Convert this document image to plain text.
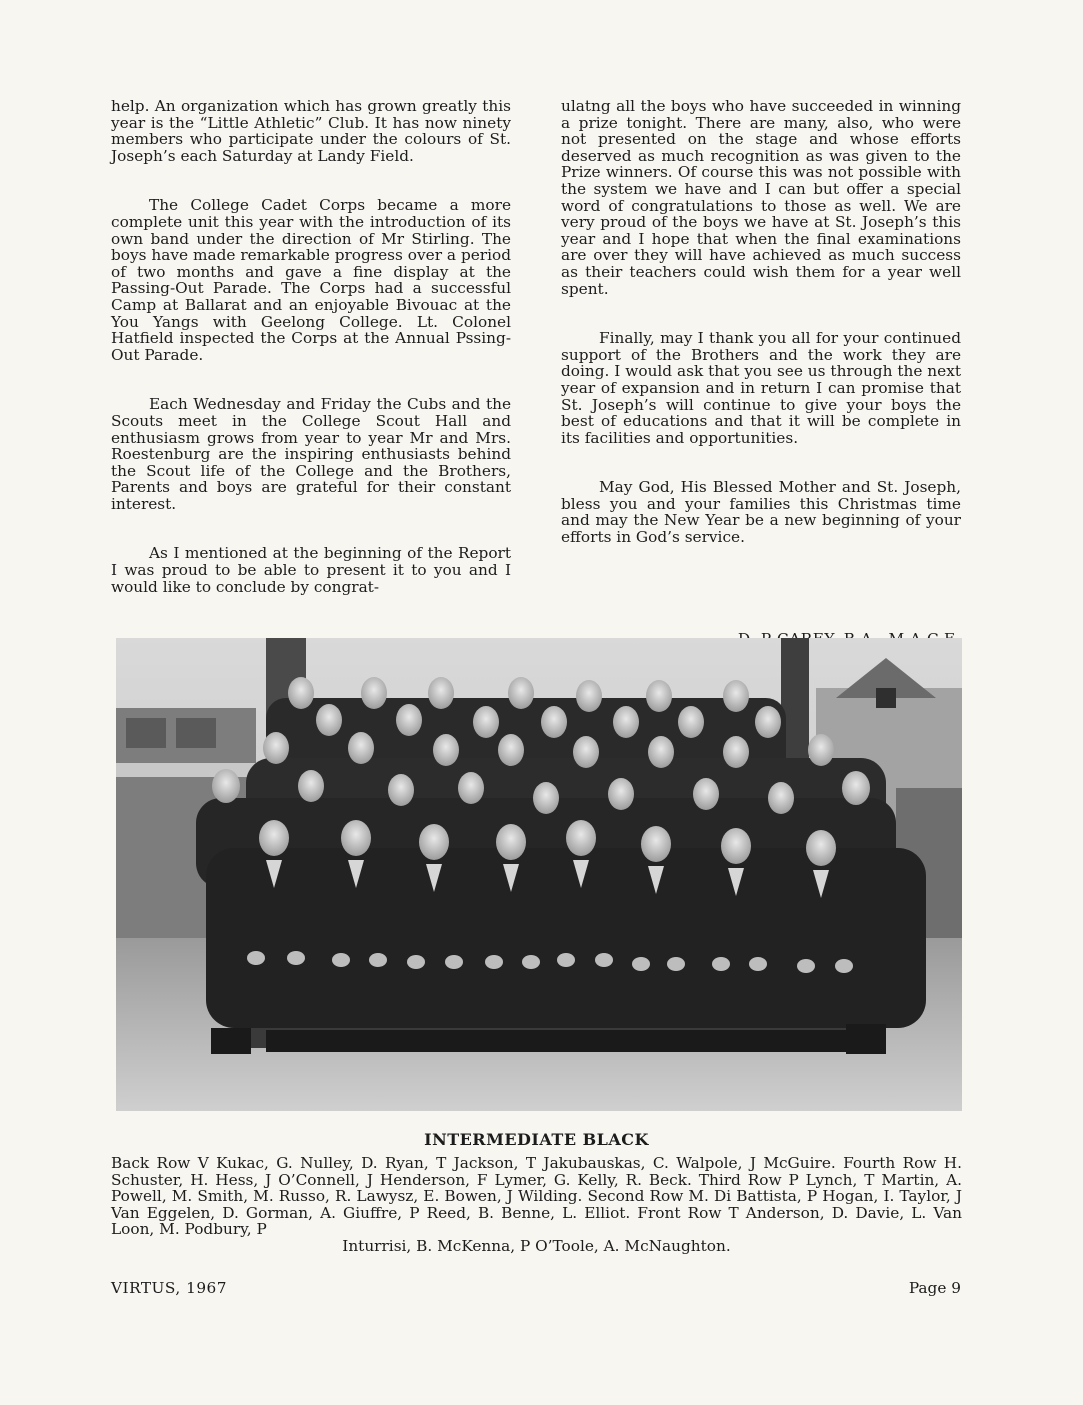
help. An organization which has grown greatly this year is the “Little Athletic” Club. It has now ninety members who participate under the colours of St. Joseph’s each Saturday at Landy Field.

The College Cadet Corps became a more complete unit this year with the introduction of its own band under the direction of Mr Stirling. The boys have made remarkable progress over a period of two months and gave a fine display at the Passing-Out Parade. The Corps had a successful Camp at Ballarat and an enjoyable Bivouac at the You Yangs with Geelong College. Lt. Colonel Hatfield inspected the Corps at the Annual Pssing-Out Parade.

Each Wednesday and Friday the Cubs and the Scouts meet in the College Scout Hall and enthusiasm grows from year to year Mr and Mrs. Roestenburg are the inspiring enthusiasts behind the Scout life of the College and the Brothers, Parents and boys are grateful for their constant interest.

As I mentioned at the beginning of the Report I was proud to be able to present it to you and I would like to conclude by congrat-

ulatng all the boys who have succeeded in winning a prize tonight. There are many, also, who were not presented on the stage and whose efforts deserved as much recognition as was given to the Prize winners. Of course this was not possible with the system we have and I can but offer a special word of congratulations to those as well. We are very proud of the boys we have at St. Joseph’s this year and I hope that when the final examinations are over they will have achieved as much success as their teachers could wish them for a year well spent.

Finally, may I thank you all for your continued support of the Brothers and the work they are doing. I would ask that you see us through the next year of expansion and in return I can promise that St. Joseph’s will continue to give your boys the best of educations and that it will be complete in its facilities and opportunities.

May God, His Blessed Mother and St. Joseph, bless you and your families this Christmas time and may the New Year be a new beginning of your efforts in God’s service.

INTERMEDIATE BLACK
Back Row V Kukac, G. Nulley, D. Ryan, T Jackson, T Jakubauskas, C. Walpole, J McGuire. Fourth Row H. Schuster, H. Hess, J O’Connell, J Henderson, F Lymer, G. Kelly, R. Beck. Third Row P Lynch, T Martin, A. Powell, M. Smith, M. Russo, R. Lawysz, E. Bowen, J Wilding. Second Row M. Di Battista, P Hogan, I. Taylor, J Van Eggelen, D. Gorman, A. Giuffre, P Reed, B. Benne, L. Elliot. Front Row T Anderson, D. Davie, L. Van Loon, M. Podbury, P
Inturrisi, B. McKenna, P O’Toole, A. McNaughton.
VIRTUS, 1967	Page 9
